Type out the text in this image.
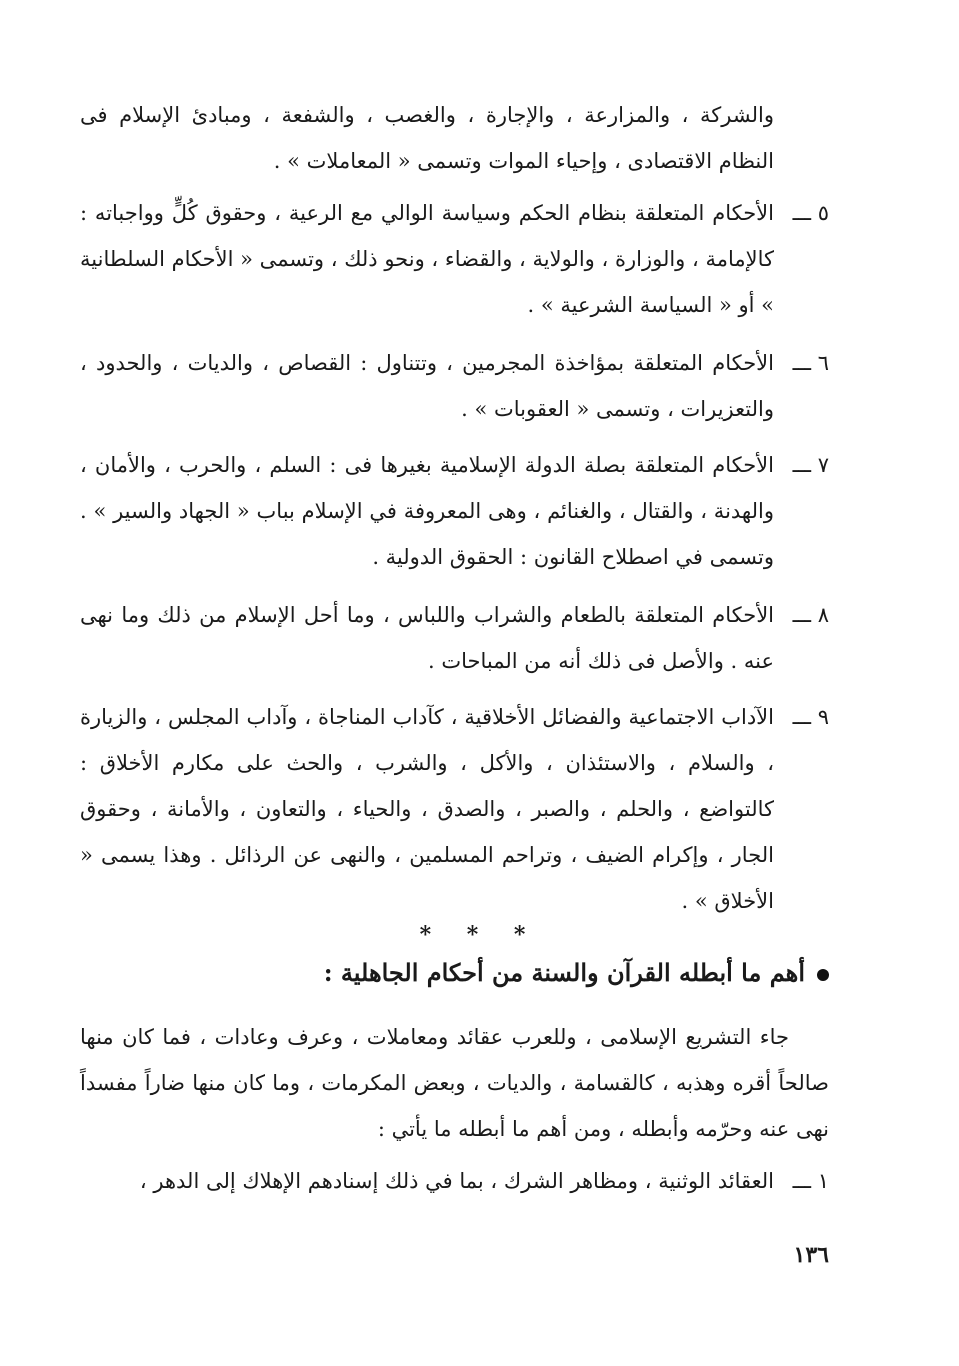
والشركة ، والمزارعة ، والإجارة ، والغصب ، والشفعة ، ومبادئ الإسلام فى النظام الاقتصادى ، وإحياء الموات وتسمى « المعاملات » .

٥ ـــ
الأحكام المتعلقة بنظام الحكم وسياسة الوالي مع الرعية ، وحقوق كُلٍّ وواجباته : كالإمامة ، والوزارة ، والولاية ، والقضاء ، ونحو ذلك ، وتسمى « الأحكام السلطانية » أو « السياسة الشرعية » .
٦ ـــ
الأحكام المتعلقة بمؤاخذة المجرمين ، وتتناول : القصاص ، والديات ، والحدود ، والتعزيرات ، وتسمى « العقوبات » .
٧ ـــ
الأحكام المتعلقة بصلة الدولة الإسلامية بغيرها فى : السلم ، والحرب ، والأمان ، والهدنة ، والقتال ، والغنائم ، وهى المعروفة في الإسلام بباب « الجهاد والسير » . وتسمى في اصطلاح القانون : الحقوق الدولية .
٨ ـــ
الأحكام المتعلقة بالطعام والشراب واللباس ، وما أحل الإسلام من ذلك وما نهى عنه . والأصل فى ذلك أنه من المباحات .
٩ ـــ
الآداب الاجتماعية والفضائل الأخلاقية ، كآداب المناجاة ، وآداب المجلس ، والزيارة ، والسلام ، والاستئذان ، والأكل ، والشرب ، والحث على مكارم الأخلاق : كالتواضع ، والحلم ، والصبر ، والصدق ، والحياء ، والتعاون ، والأمانة ، وحقوق الجار ، وإكرام الضيف ، وتراحم المسلمين ، والنهى عن الرذائل . وهذا يسمى « الأخلاق » .
* * *
أهم ما أبطله القرآن والسنة من أحكام الجاهلية :

جاء التشريع الإسلامى ، وللعرب عقائد ومعاملات ، وعرف وعادات ، فما كان منها صالحاً أقره وهذبه ، كالقسامة ، والديات ، وبعض المكرمات ، وما كان منها ضاراً مفسداً نهى عنه وحرّمه وأبطله ، ومن أهم ما أبطله ما يأتي :

١ ـــ
العقائد الوثنية ، ومظاهر الشرك ، بما في ذلك إسنادهم الإهلاك إلى الدهر ،

١٣٦
